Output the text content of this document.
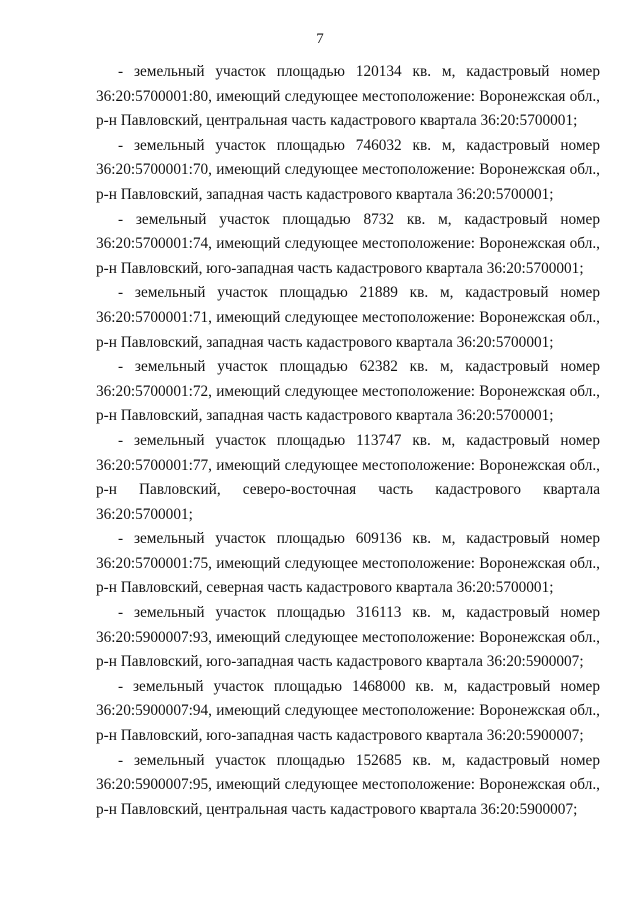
7

- земельный участок площадью 120134 кв. м, кадастровый номер 36:20:5700001:80, имеющий следующее местоположение: Воронежская обл., р-н Павловский, центральная часть кадастрового квартала 36:20:5700001;

- земельный участок площадью 746032 кв. м, кадастровый номер 36:20:5700001:70, имеющий следующее местоположение: Воронежская обл., р-н Павловский, западная часть кадастрового квартала 36:20:5700001;

- земельный участок площадью 8732 кв. м, кадастровый номер 36:20:5700001:74, имеющий следующее местоположение: Воронежская обл., р-н Павловский, юго-западная часть кадастрового квартала 36:20:5700001;

- земельный участок площадью 21889 кв. м, кадастровый номер 36:20:5700001:71, имеющий следующее местоположение: Воронежская обл., р-н Павловский, западная часть кадастрового квартала 36:20:5700001;

- земельный участок площадью 62382 кв. м, кадастровый номер 36:20:5700001:72, имеющий следующее местоположение: Воронежская обл., р-н Павловский, западная часть кадастрового квартала 36:20:5700001;

- земельный участок площадью 113747 кв. м, кадастровый номер 36:20:5700001:77, имеющий следующее местоположение: Воронежская обл., р-н Павловский, северо-восточная часть кадастрового квартала 36:20:5700001;

- земельный участок площадью 609136 кв. м, кадастровый номер 36:20:5700001:75, имеющий следующее местоположение: Воронежская обл., р-н Павловский, северная часть кадастрового квартала 36:20:5700001;

- земельный участок площадью 316113 кв. м, кадастровый номер 36:20:5900007:93, имеющий следующее местоположение: Воронежская обл., р-н Павловский, юго-западная часть кадастрового квартала 36:20:5900007;

- земельный участок площадью 1468000 кв. м, кадастровый номер 36:20:5900007:94, имеющий следующее местоположение: Воронежская обл., р-н Павловский, юго-западная часть кадастрового квартала 36:20:5900007;

- земельный участок площадью 152685 кв. м, кадастровый номер 36:20:5900007:95, имеющий следующее местоположение: Воронежская обл., р-н Павловский, центральная часть кадастрового квартала 36:20:5900007;
